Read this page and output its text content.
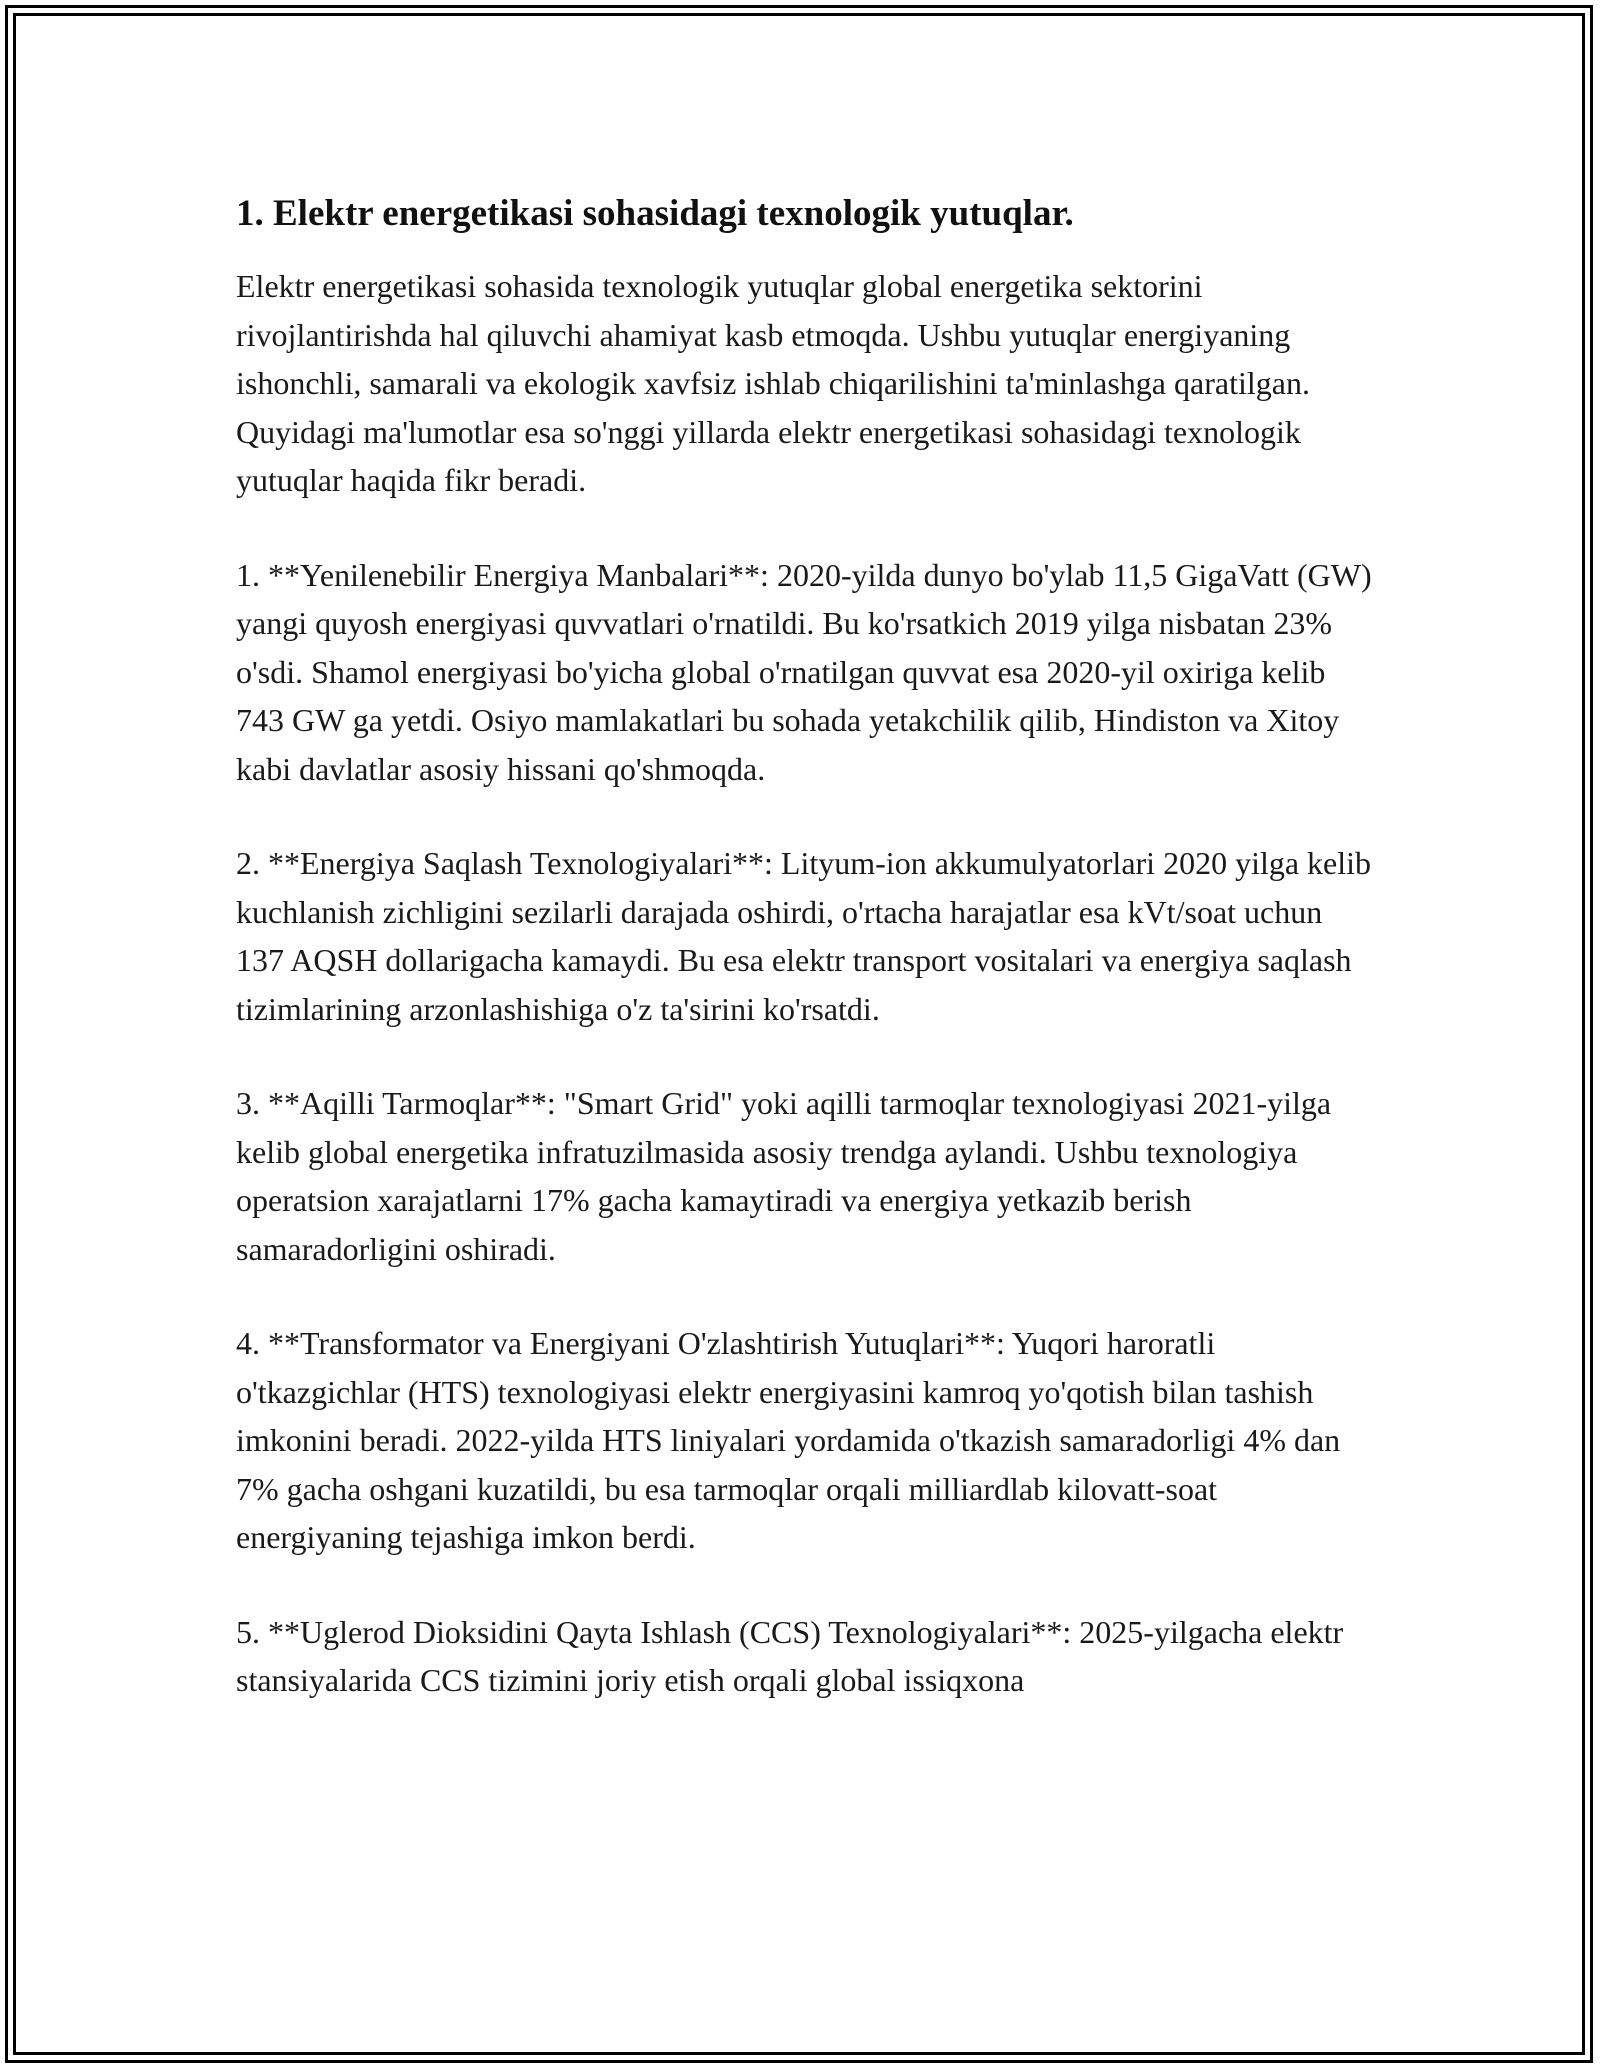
1. Elektr energetikasi sohasidagi texnologik yutuqlar.

Elektr energetikasi sohasida texnologik yutuqlar global energetika sektorini rivojlantirishda hal qiluvchi ahamiyat kasb etmoqda. Ushbu yutuqlar energiyaning ishonchli, samarali va ekologik xavfsiz ishlab chiqarilishini ta'minlashga qaratilgan. Quyidagi ma'lumotlar esa so'nggi yillarda elektr energetikasi sohasidagi texnologik yutuqlar haqida fikr beradi.

1. **Yenilenebilir Energiya Manbalari**: 2020-yilda dunyo bo'ylab 11,5 GigaVatt (GW) yangi quyosh energiyasi quvvatlari o'rnatildi. Bu ko'rsatkich 2019 yilga nisbatan 23% o'sdi. Shamol energiyasi bo'yicha global o'rnatilgan quvvat esa 2020-yil oxiriga kelib 743 GW ga yetdi. Osiyo mamlakatlari bu sohada yetakchilik qilib, Hindiston va Xitoy kabi davlatlar asosiy hissani qo'shmoqda.

2. **Energiya Saqlash Texnologiyalari**: Lityum-ion akkumulyatorlari 2020 yilga kelib kuchlanish zichligini sezilarli darajada oshirdi, o'rtacha harajatlar esa kVt/soat uchun 137 AQSH dollarigacha kamaydi. Bu esa elektr transport vositalari va energiya saqlash tizimlarining arzonlashishiga o'z ta'sirini ko'rsatdi.

3. **Aqilli Tarmoqlar**: "Smart Grid" yoki aqilli tarmoqlar texnologiyasi 2021-yilga kelib global energetika infratuzilmasida asosiy trendga aylandi. Ushbu texnologiya operatsion xarajatlarni 17% gacha kamaytiradi va energiya yetkazib berish samaradorligini oshiradi.

4. **Transformator va Energiyani O'zlashtirish Yutuqlari**: Yuqori haroratli o'tkazgichlar (HTS) texnologiyasi elektr energiyasini kamroq yo'qotish bilan tashish imkonini beradi. 2022-yilda HTS liniyalari yordamida o'tkazish samaradorligi 4% dan 7% gacha oshgani kuzatildi, bu esa tarmoqlar orqali milliardlab kilovatt-soat energiyaning tejashiga imkon berdi.

5. **Uglerod Dioksidini Qayta Ishlash (CCS) Texnologiyalari**: 2025-yilgacha elektr stansiyalarida CCS tizimini joriy etish orqali global issiqxona
